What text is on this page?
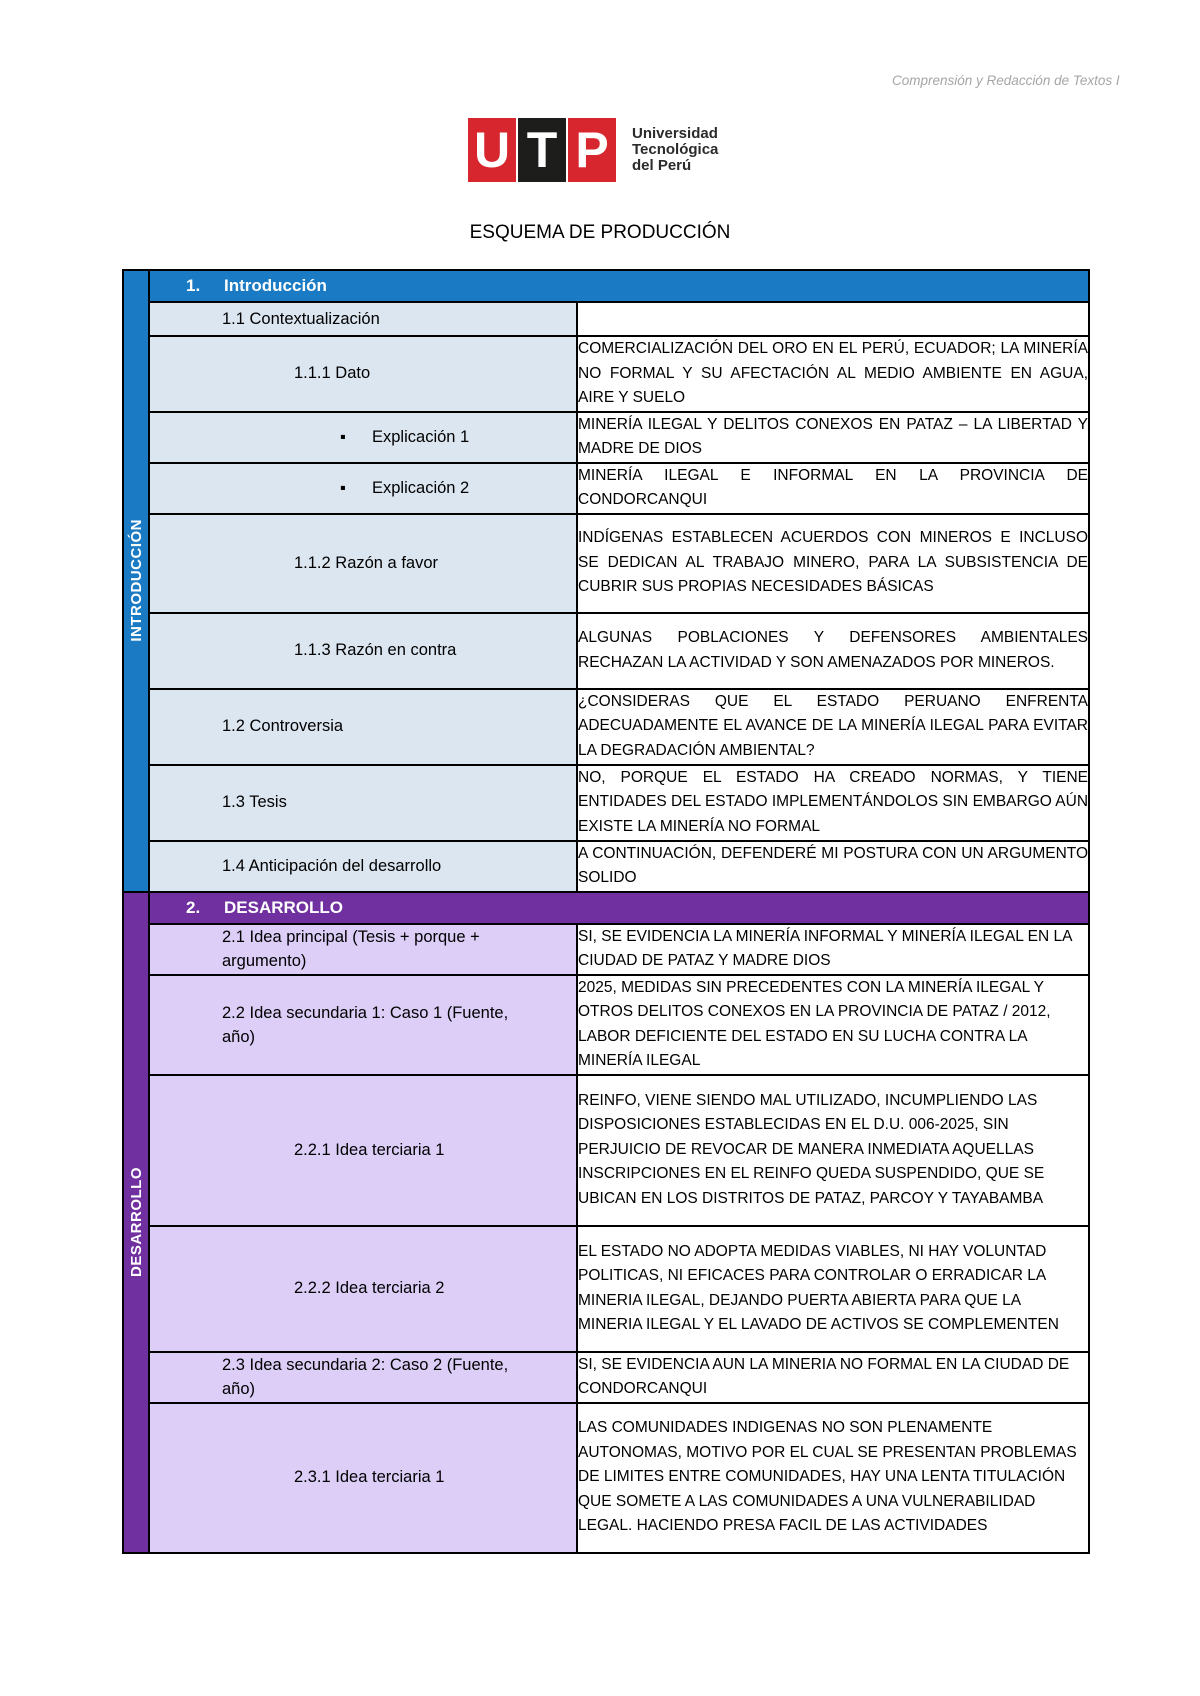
Comprensión y Redacción de Textos I
U T P Universidad
Tecnológica
del Perú
ESQUEMA DE PRODUCCIÓN
INTRODUCCIÓN	1. Introducción	
	1.1 Contextualización	
	1.1.1 Dato	COMERCIALIZACIÓN DEL ORO EN EL PERÚ, ECUADOR; LA MINERÍA NO FORMAL Y SU AFECTACIÓN AL MEDIO AMBIENTE EN AGUA, AIRE Y SUELO
	▪ Explicación 1	MINERÍA ILEGAL Y DELITOS CONEXOS EN PATAZ – LA LIBERTAD Y MADRE DE DIOS
	▪ Explicación 2	MINERÍA ILEGAL E INFORMAL EN LA PROVINCIA DE CONDORCANQUI
	1.1.2 Razón a favor	INDÍGENAS ESTABLECEN ACUERDOS CON MINEROS E INCLUSO SE DEDICAN AL TRABAJO MINERO, PARA LA SUBSISTENCIA DE CUBRIR SUS PROPIAS NECESIDADES BÁSICAS
	1.1.3 Razón en contra	ALGUNAS POBLACIONES Y DEFENSORES AMBIENTALES RECHAZAN LA ACTIVIDAD Y SON AMENAZADOS POR MINEROS.
	1.2 Controversia	¿CONSIDERAS QUE EL ESTADO PERUANO ENFRENTA ADECUADAMENTE EL AVANCE DE LA MINERÍA ILEGAL PARA EVITAR LA DEGRADACIÓN AMBIENTAL?
	1.3 Tesis	NO, PORQUE EL ESTADO HA CREADO NORMAS, Y TIENE ENTIDADES DEL ESTADO IMPLEMENTÁNDOLOS SIN EMBARGO AÚN EXISTE LA MINERÍA NO FORMAL
	1.4 Anticipación del desarrollo	A CONTINUACIÓN, DEFENDERÉ MI POSTURA CON UN ARGUMENTO SOLIDO

DESARROLLO	2. DESARROLLO	
	2.1 Idea principal (Tesis + porque + argumento)	SI, SE EVIDENCIA LA MINERÍA INFORMAL Y MINERÍA ILEGAL EN LA CIUDAD DE PATAZ Y MADRE DIOS
	2.2 Idea secundaria 1: Caso 1 (Fuente, año)	2025, MEDIDAS SIN PRECEDENTES CON LA MINERÍA ILEGAL Y OTROS DELITOS CONEXOS EN LA PROVINCIA DE PATAZ / 2012, LABOR DEFICIENTE DEL ESTADO EN SU LUCHA CONTRA LA MINERÍA ILEGAL
	2.2.1 Idea terciaria 1	REINFO, VIENE SIENDO MAL UTILIZADO, INCUMPLIENDO LAS DISPOSICIONES ESTABLECIDAS EN EL D.U. 006-2025, SIN PERJUICIO DE REVOCAR DE MANERA INMEDIATA AQUELLAS INSCRIPCIONES EN EL REINFO QUEDA SUSPENDIDO, QUE SE UBICAN EN LOS DISTRITOS DE PATAZ, PARCOY Y TAYABAMBA
	2.2.2 Idea terciaria 2	EL ESTADO NO ADOPTA MEDIDAS VIABLES, NI HAY VOLUNTAD POLITICAS, NI EFICACES PARA CONTROLAR O ERRADICAR LA MINERIA ILEGAL, DEJANDO PUERTA ABIERTA PARA QUE LA MINERIA ILEGAL Y EL LAVADO DE ACTIVOS SE COMPLEMENTEN
	2.3 Idea secundaria 2: Caso 2 (Fuente, año)	SI, SE EVIDENCIA AUN LA MINERIA NO FORMAL EN LA CIUDAD DE CONDORCANQUI
	2.3.1 Idea terciaria 1	LAS COMUNIDADES INDIGENAS NO SON PLENAMENTE AUTONOMAS, MOTIVO POR EL CUAL SE PRESENTAN PROBLEMAS DE LIMITES ENTRE COMUNIDADES, HAY UNA LENTA TITULACIÓN QUE SOMETE A LAS COMUNIDADES A UNA VULNERABILIDAD LEGAL. HACIENDO PRESA FACIL DE LAS ACTIVIDADES
